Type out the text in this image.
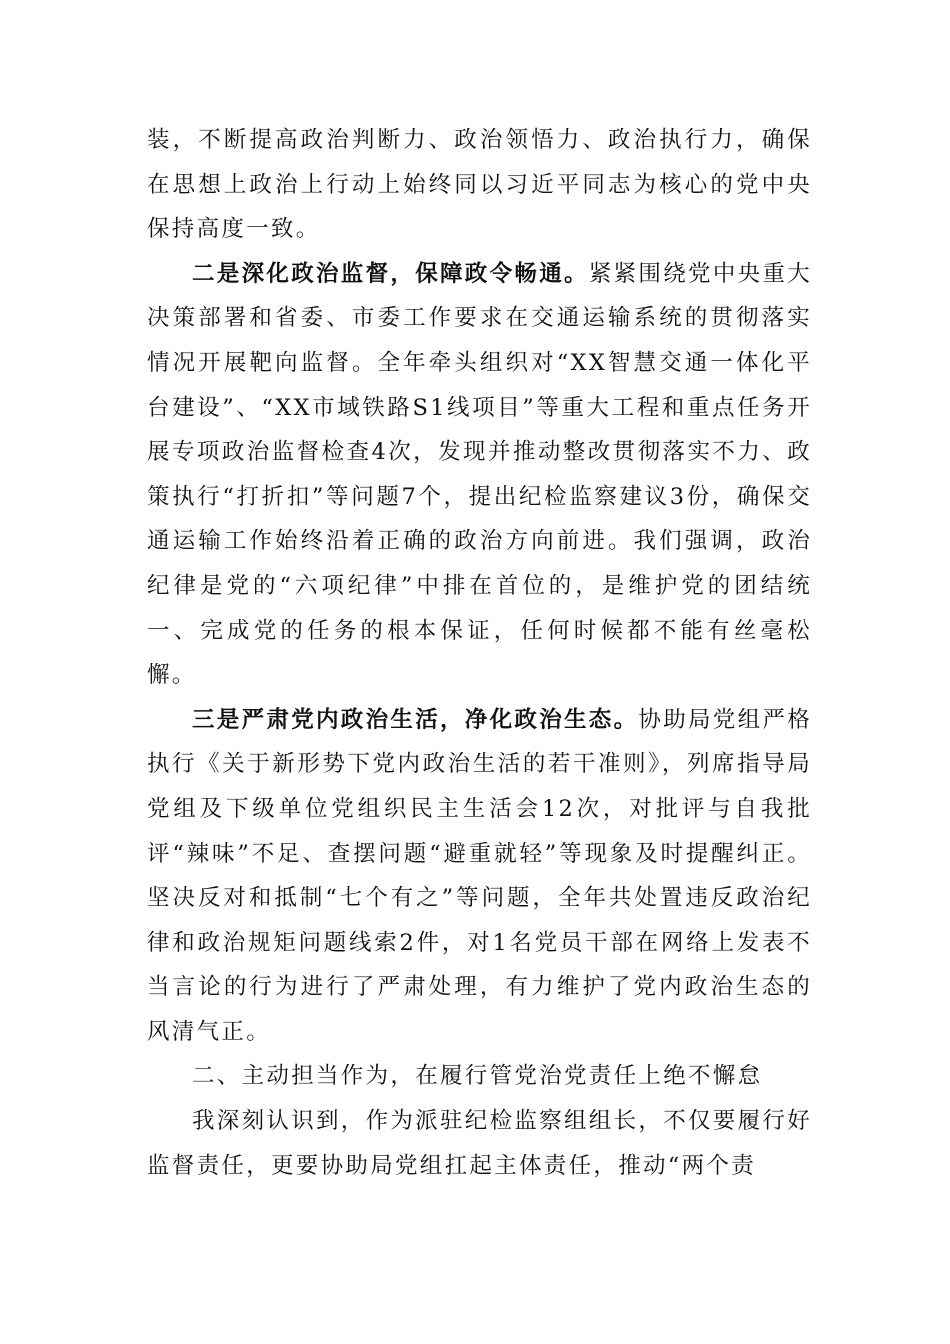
装，不断提高政治判断力、政治领悟力、政治执行力，确保在思想上政治上行动上始终同以习近平同志为核心的党中央保持高度一致。

二是深化政治监督，保障政令畅通。紧紧围绕党中央重大决策部署和省委、市委工作要求在交通运输系统的贯彻落实情况开展靶向监督。全年牵头组织对“XX智慧交通一体化平台建设”、“XX市域铁路S1线项目”等重大工程和重点任务开展专项政治监督检查4次，发现并推动整改贯彻落实不力、政策执行“打折扣”等问题7个，提出纪检监察建议3份，确保交通运输工作始终沿着正确的政治方向前进。我们强调，政治纪律是党的“六项纪律”中排在首位的，是维护党的团结统一、完成党的任务的根本保证，任何时候都不能有丝毫松懈。

三是严肃党内政治生活，净化政治生态。协助局党组严格执行《关于新形势下党内政治生活的若干准则》，列席指导局党组及下级单位党组织民主生活会12次，对批评与自我批评“辣味”不足、查摆问题“避重就轻”等现象及时提醒纠正。坚决反对和抵制“七个有之”等问题，全年共处置违反政治纪律和政治规矩问题线索2件，对1名党员干部在网络上发表不当言论的行为进行了严肃处理，有力维护了党内政治生态的风清气正。

二、主动担当作为，在履行管党治党责任上绝不懈怠

我深刻认识到，作为派驻纪检监察组组长，不仅要履行好监督责任，更要协助局党组扛起主体责任，推动“两个责
